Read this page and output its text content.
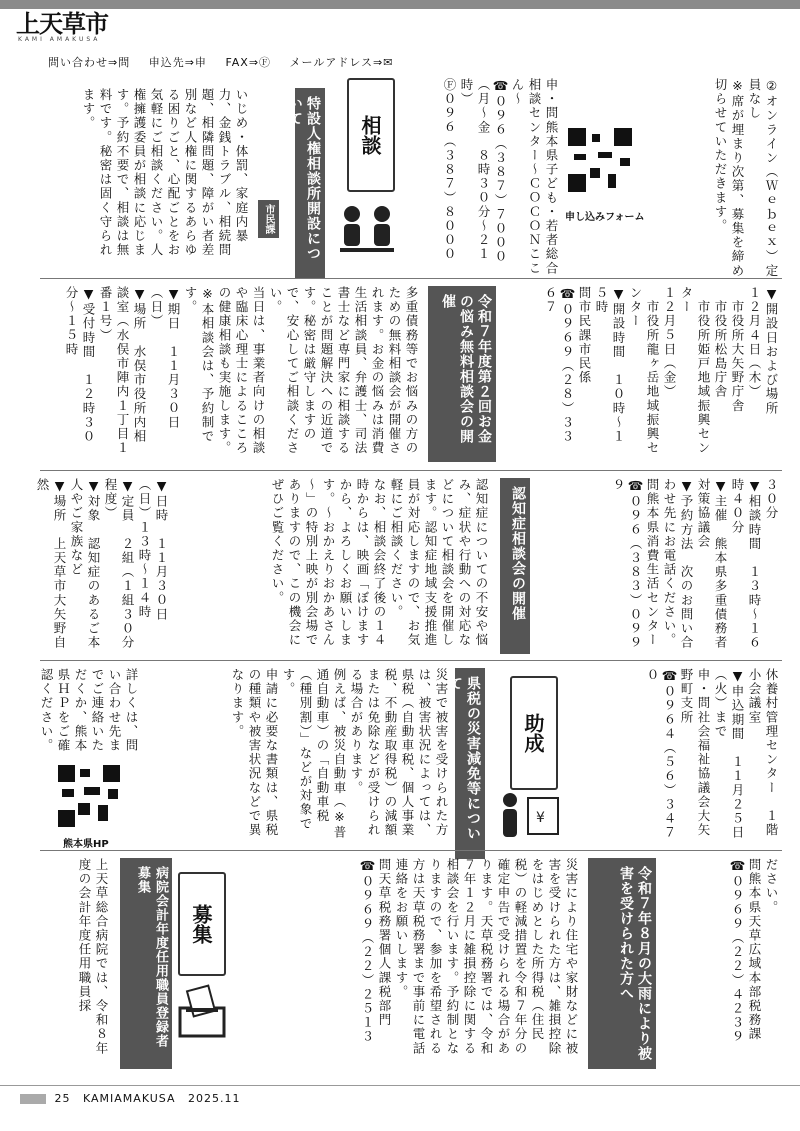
上天草市
KAMI AMAKUSA
問い合わせ⇒問 申込先⇒申 FAX⇒Ⓕ メールアドレス⇒✉
②オンライン（Ｗｅｂｅｘ）定員なし
※席が埋まり次第、募集を締め切らせていただきます。
申し込みフォーム
申・問熊本県子ども・若者総合相談センター～ＣＯＣＯＮここん～
☎０９６（３８７）７０００
（月～金　８時３０分～２１時）
Ⓕ０９６（３８７）８０００
相談
特設人権相談所開設について
市民課
いじめ・体罰、家庭内暴力、金銭トラブル、相続問題、相隣問題、障がい者差別など人権に関するあらゆる困りごと、心配ごとをお気軽にご相談ください。人権擁護委員が相談に応じます。予約不要で、相談は無料です。秘密は固く守られます。
▼開設日および場所
１２月４日（木）
　市役所大矢野庁舎
　市役所松島庁舎
　市役所姫戸地域振興センター
１２月５日（金）
　市役所龍ヶ岳地域振興センター
▼開設時間　１０時～１５時
問市民課市民係
☎０９６９（２８）３３６７
令和７年度第２回お金の悩み無料相談会の開催
多重債務等でお悩みの方のための無料相談会が開催されます。お金の悩みは消費生活相談員、弁護士、司法書士など専門家に相談することが問題解決への近道です。秘密は厳守しますので、安心してご相談ください。
当日は、事業者向けの相談や臨床心理士によるこころの健康相談も実施します。
※本相談会は、予約制です。
▼期日　１１月３０日（日）
▼場所　水俣市役所内相談室（水俣市陣内１丁目１番１号）
▼受付時間　１２時３０分～１５時
３０分
▼相談時間　１３時～１６時４０分
▼主催　熊本県多重債務者対策協議会
▼予約方法　次のお問い合わせ先にお電話ください。
問熊本県消費生活センター
☎０９６（３８３）０９９９
認知症相談会の開催
認知症についての不安や悩み、症状や行動への対応などについて相談会を開催します。認知症地域支援推進員が対応しますので、お気軽にご相談ください。
なお、相談会終了後の１４時からは、映画「ぼけますから、よろしくお願いします。～おかえりおかあさん～」の特別上映が別会場でありますので、この機会にぜひご覧ください。
▼日時　１１月３０日（日）１３時～１４時
▼定員　２組（１組３０分程度）
▼対象　認知症のあるご本人やご家族など
▼場所　上天草市大矢野自然
休養村管理センター　１階小会議室
▼申込期間　１１月２５日（火）まで
申・問社会福祉協議会大矢野町支所
☎０９６４（５６）３４７０
助成
¥
県税の災害減免等について
災害で被害を受けられた方は、被害状況によっては、県税（自動車税、個人事業税、不動産取得税）の減額または免除などが受けられる場合があります。
例えば、被災自動車（※普通自動車）の「自動車税（種別割）」などが対象です。
申請に必要な書類は、県税の種類や被害状況などで異なります。
詳しくは、問い合わせ先までご連絡いただくか、熊本県ＨＰをご確認ください。
熊本県HP
ださい。
問熊本県天草広域本部税務課
☎０９６９（２２）４２３９
令和７年８月の大雨により被害を受けられた方へ
災害により住宅や家財などに被害を受けられた方は、雑損控除をはじめとした所得税（住民税）の軽減措置を令和７年分の確定申告で受けられる場合があります。天草税務署では、令和７年１２月に雑損控除に関する相談会を行います。予約制となりますので、参加を希望される方は天草税務署まで事前に電話連絡をお願いします。
問天草税務署個人課税部門
☎０９６９（２２）２５１３
募集
病院会計年度任用職員登録者募集
上天草総合病院では、令和８年度の会計年度任用職員採
25 KAMIAMAKUSA 2025.11
